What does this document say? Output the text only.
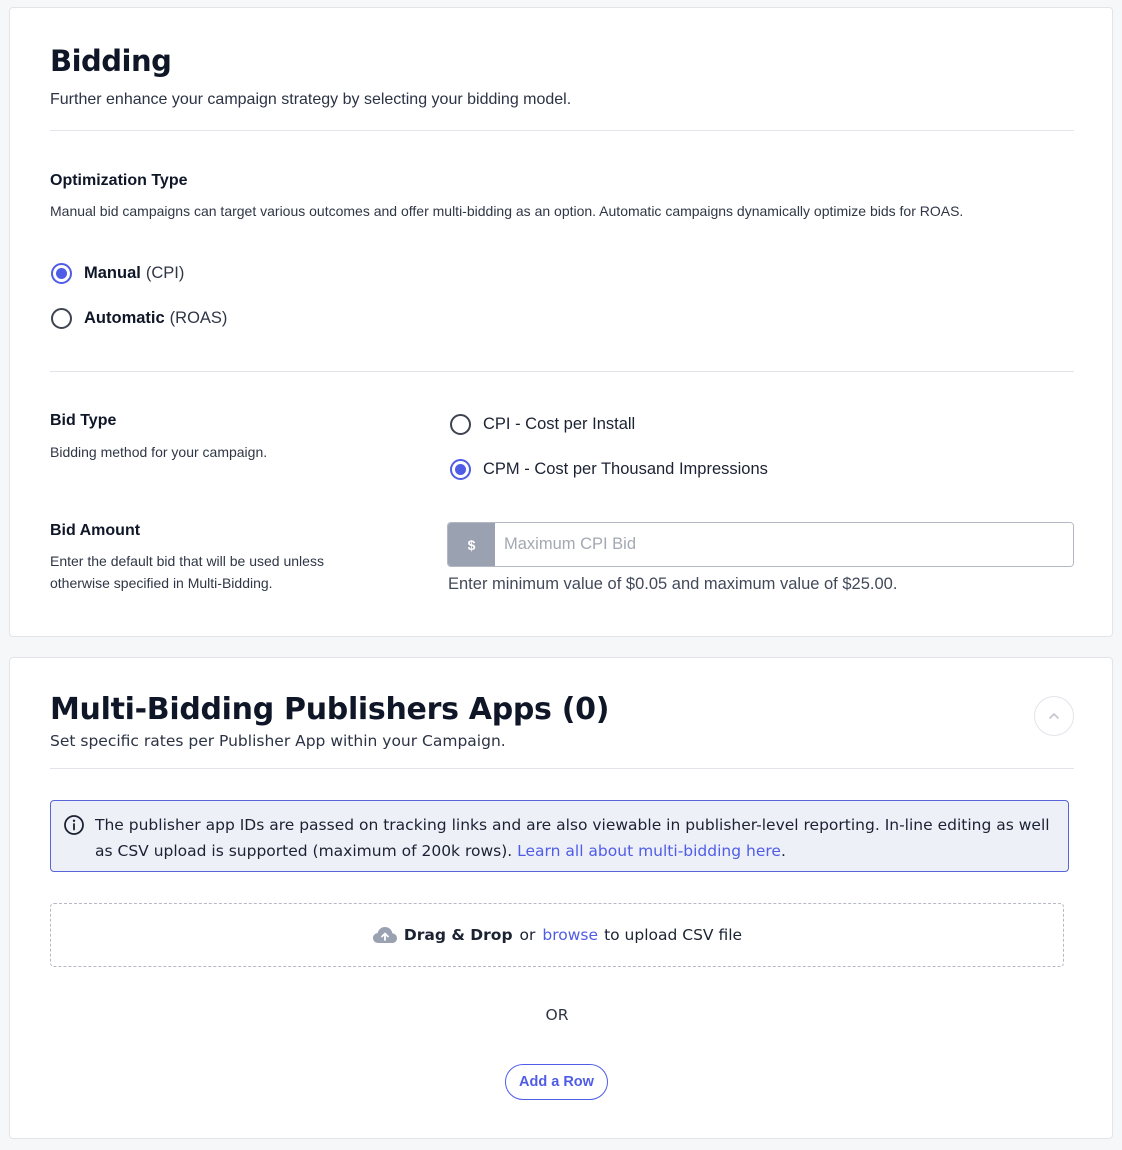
Bidding

Further enhance your campaign strategy by selecting your bidding model.

Optimization Type
Manual bid campaigns can target various outcomes and offer multi-bidding as an option. Automatic campaigns dynamically optimize bids for ROAS.
Manual (CPI)
Automatic (ROAS)
Bid Type
Bidding method for your campaign.
CPI - Cost per Install
CPM - Cost per Thousand Impressions
Bid Amount
Enter the default bid that will be used unless otherwise specified in Multi-Bidding.
$
Maximum CPI Bid
Enter minimum value of $0.05 and maximum value of $25.00.
Multi-Bidding Publishers Apps (0)

Set specific rates per Publisher App within your Campaign.

The publisher app IDs are passed on tracking links and are also viewable in publisher-level reporting. In-line editing as well as CSV upload is supported (maximum of 200k rows). Learn all about multi-bidding here.
Drag & Drop or browse to upload CSV file
OR
Add a Row
